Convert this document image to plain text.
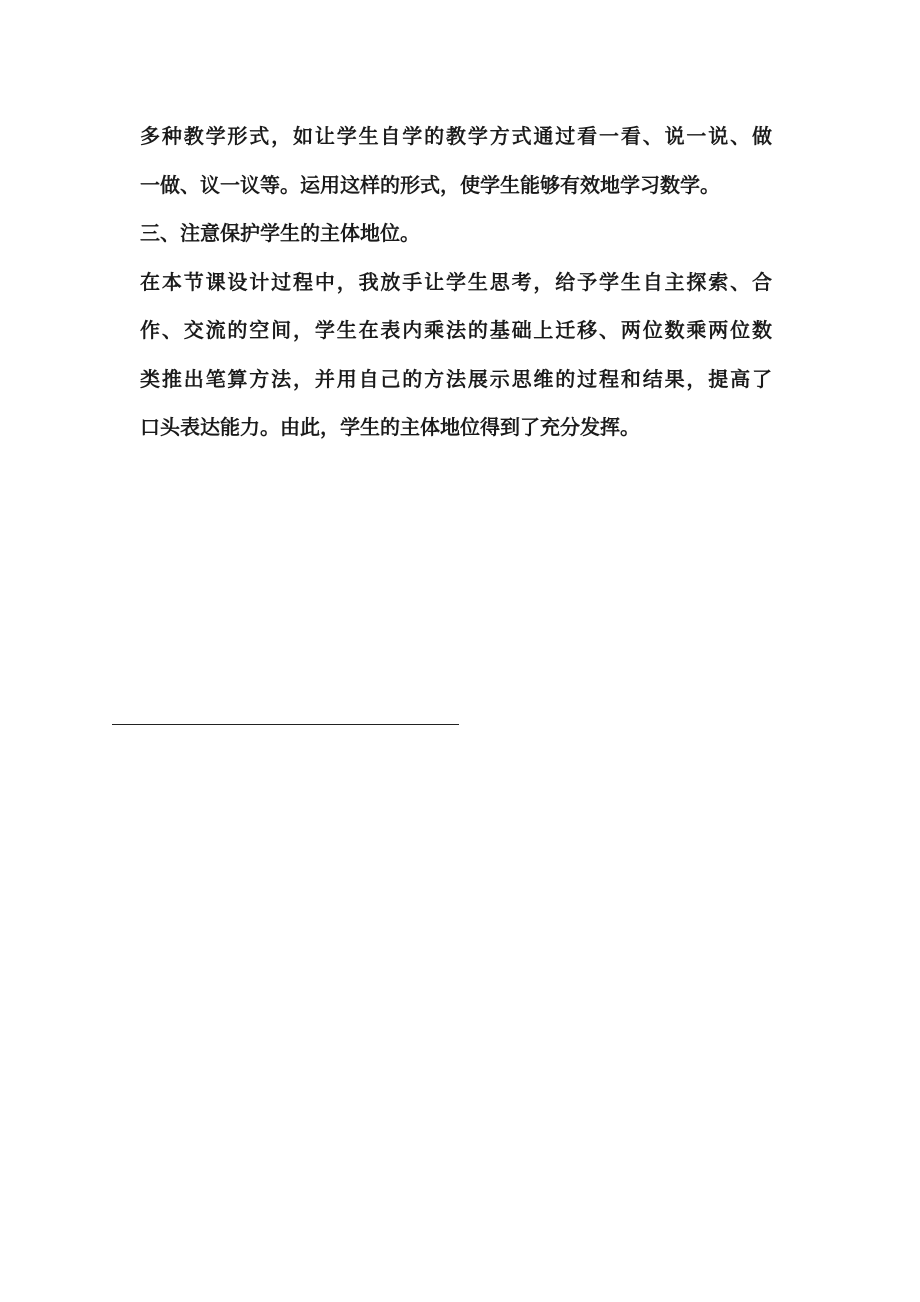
多种教学形式，如让学生自学的教学方式通过看一看、说一说、做
一做、议一议等。运用这样的形式，使学生能够有效地学习数学。
三、注意保护学生的主体地位。
在本节课设计过程中，我放手让学生思考，给予学生自主探索、合
作、交流的空间，学生在表内乘法的基础上迁移、两位数乘两位数
类推出笔算方法，并用自己的方法展示思维的过程和结果，提高了
口头表达能力。由此，学生的主体地位得到了充分发挥。
